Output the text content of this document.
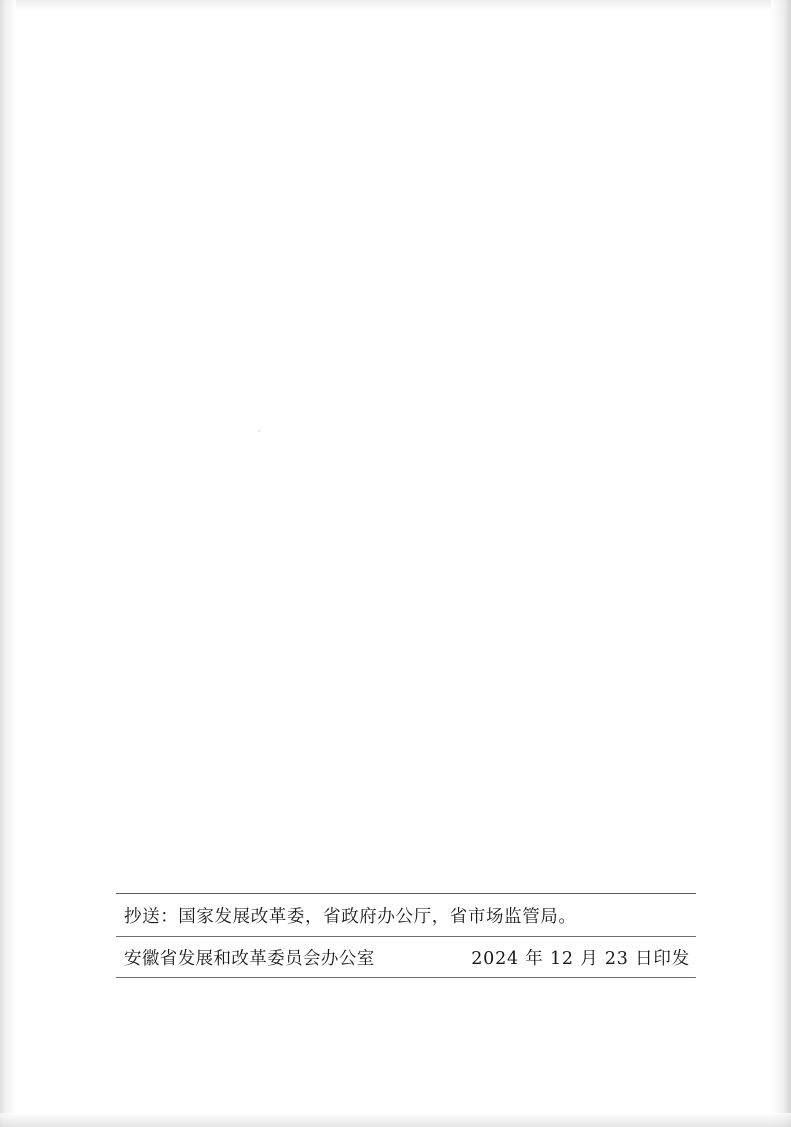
抄送：国家发展改革委，省政府办公厅，省市场监管局。
安徽省发展和改革委员会办公室	2024 年 12 月 23 日印发
